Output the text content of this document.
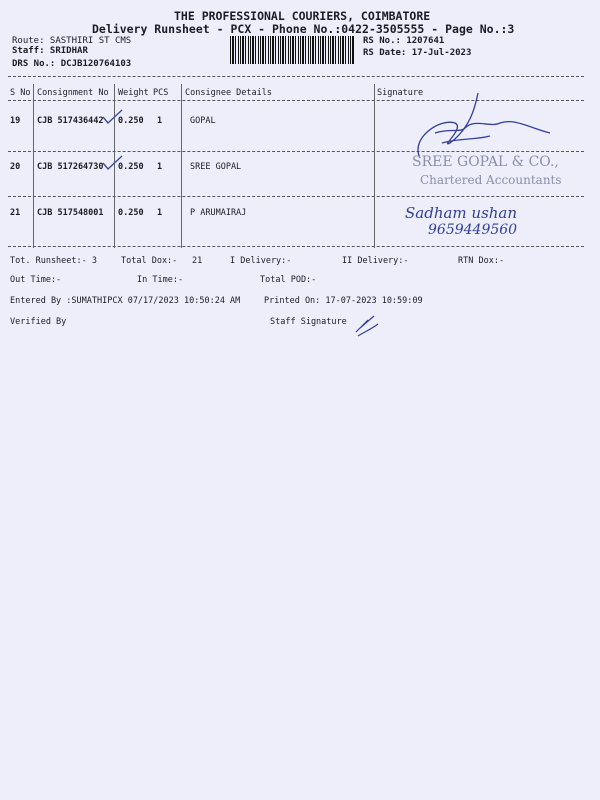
THE PROFESSIONAL COURIERS, COIMBATORE
Delivery Runsheet - PCX - Phone No.:0422-3505555 - Page No.:3
Route: SASTHIRI ST CMS
Staff: SRIDHAR
DRS No.: DCJB120764103
RS No.: 1207641
RS Date: 17-Jul-2023
S No Consignment No Weight PCS Consignee Details	Signature
19 CJB 517436442 0.250 1	GOPAL
20 CJB 517264730 0.250 1	SREE GOPAL
21 CJB 517548001 0.250 1	P ARUMAIRAJ
SREE GOPAL & CO.,
Chartered Accountants
Sadham ushan
9659449560
Tot. Runsheet:- 3	Total Dox:- 21	I Delivery:-	II Delivery:-	RTN Dox:-
Out Time:-	In Time:-	Total POD:-
Entered By :SUMATHIPCX 07/17/2023 10:50:24 AM	Printed On: 17-07-2023 10:59:09
Verified By	Staff Signature
